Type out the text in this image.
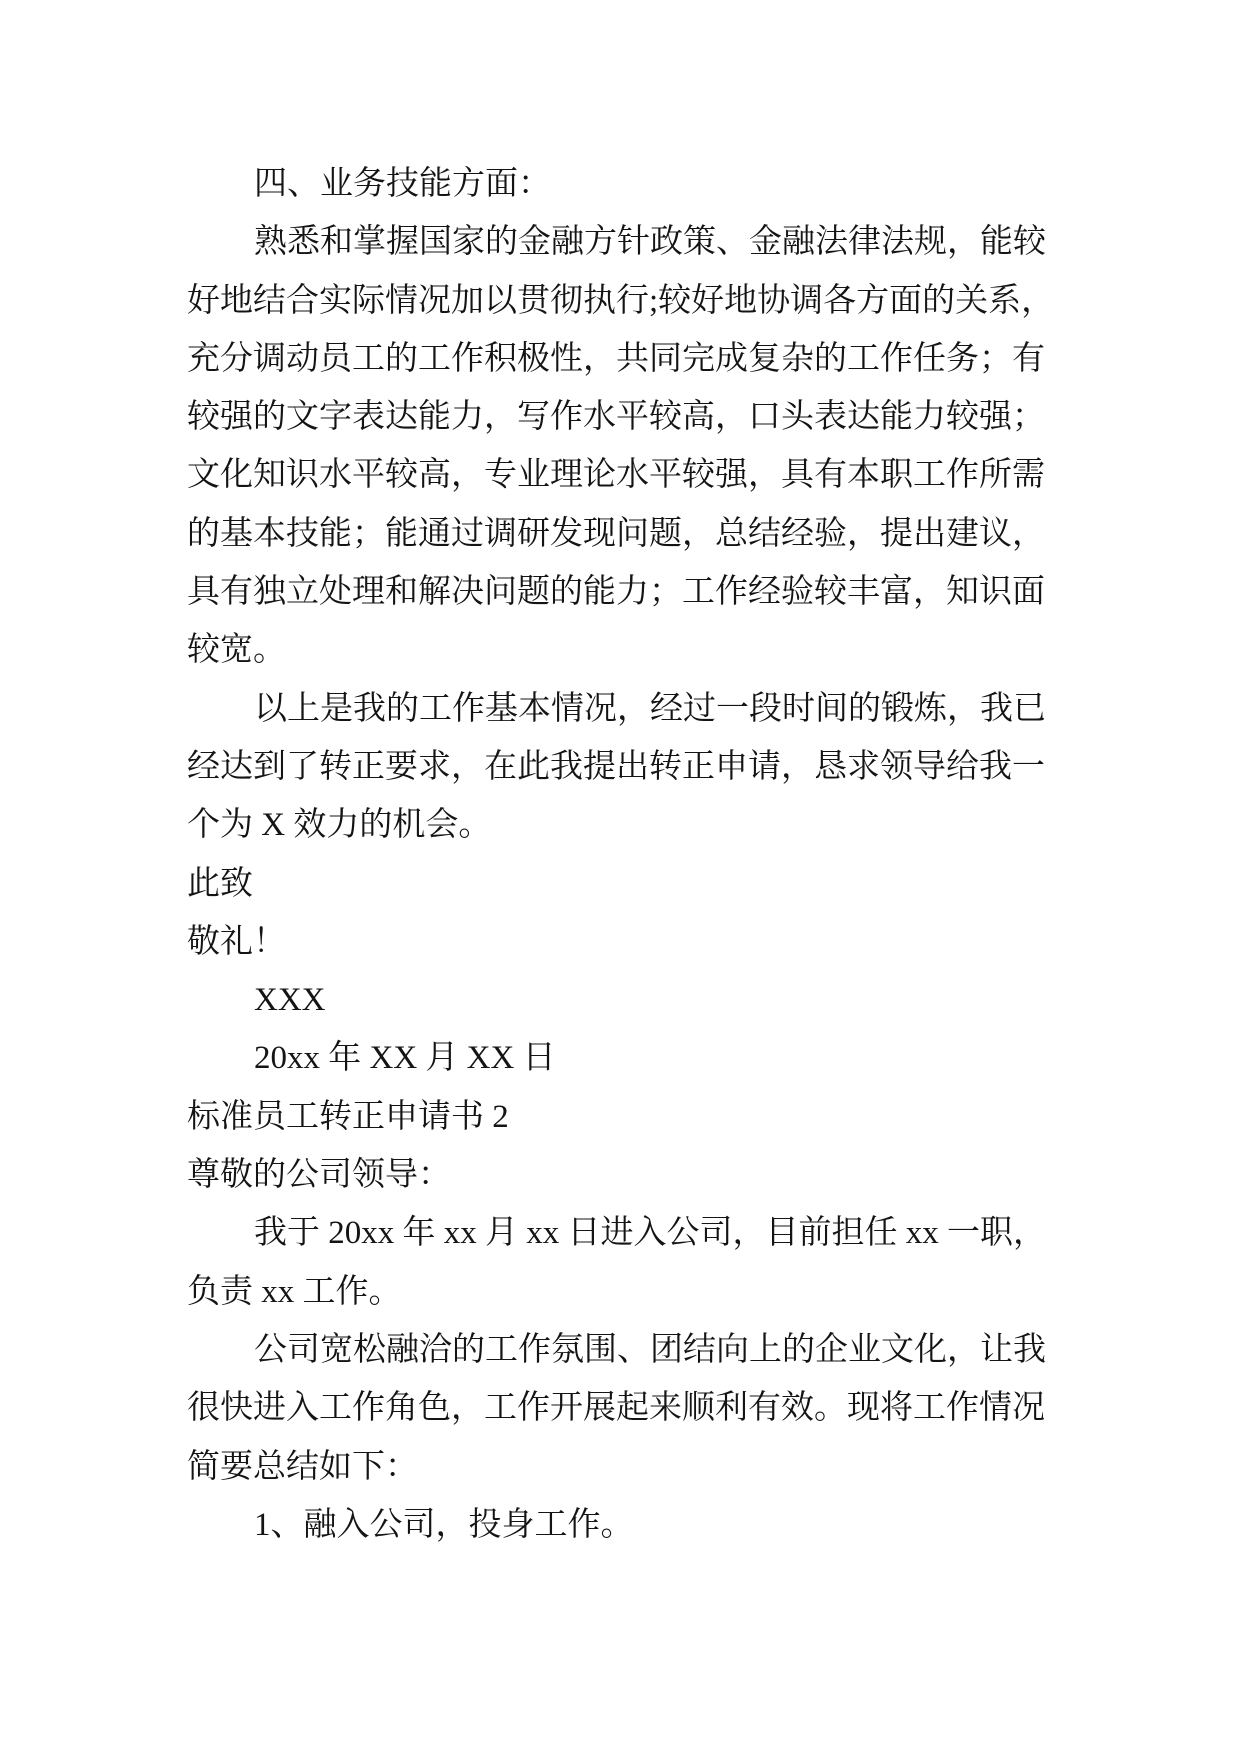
四、业务技能方面：
熟悉和掌握国家的金融方针政策、金融法律法规，能较
好地结合实际情况加以贯彻执行;较好地协调各方面的关系，
充分调动员工的工作积极性，共同完成复杂的工作任务；有
较强的文字表达能力，写作水平较高，口头表达能力较强；
文化知识水平较高，专业理论水平较强，具有本职工作所需
的基本技能；能通过调研发现问题，总结经验，提出建议，
具有独立处理和解决问题的能力；工作经验较丰富，知识面
较宽。
以上是我的工作基本情况，经过一段时间的锻炼，我已
经达到了转正要求，在此我提出转正申请，恳求领导给我一
个为 X 效力的机会。
此致
敬礼！
XXX
20xx 年 XX 月 XX 日
标准员工转正申请书 2
尊敬的公司领导：
我于 20xx 年 xx 月 xx 日进入公司，目前担任 xx 一职，
负责 xx 工作。
公司宽松融洽的工作氛围、团结向上的企业文化，让我
很快进入工作角色，工作开展起来顺利有效。现将工作情况
简要总结如下：
1、融入公司，投身工作。
